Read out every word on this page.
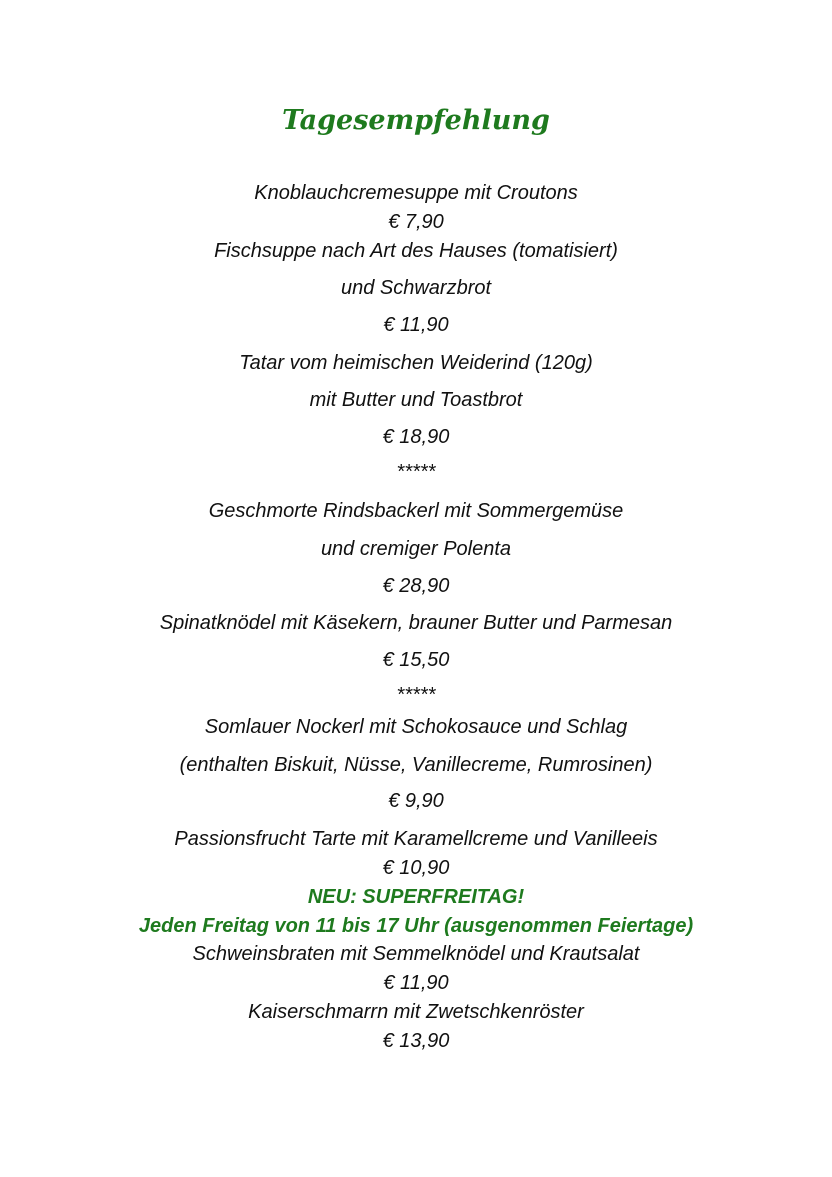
Tagesempfehlung
Knoblauchcremesuppe mit Croutons
€ 7,90
Fischsuppe nach Art des Hauses (tomatisiert)
und Schwarzbrot
€ 11,90
Tatar vom heimischen Weiderind (120g)
mit Butter und Toastbrot
€ 18,90
*****
Geschmorte Rindsbackerl mit Sommergemüse
und cremiger Polenta
€ 28,90
Spinatknödel mit Käsekern, brauner Butter und Parmesan
€ 15,50
*****
Somlauer Nockerl mit Schokosauce und Schlag
(enthalten Biskuit, Nüsse, Vanillecreme, Rumrosinen)
€ 9,90
Passionsfrucht Tarte mit Karamellcreme und Vanilleeis
€ 10,90
NEU: SUPERFREITAG!
Jeden Freitag von 11 bis 17 Uhr (ausgenommen Feiertage)
Schweinsbraten mit Semmelknödel und Krautsalat
€ 11,90
Kaiserschmarrn mit Zwetschkenröster
€ 13,90
